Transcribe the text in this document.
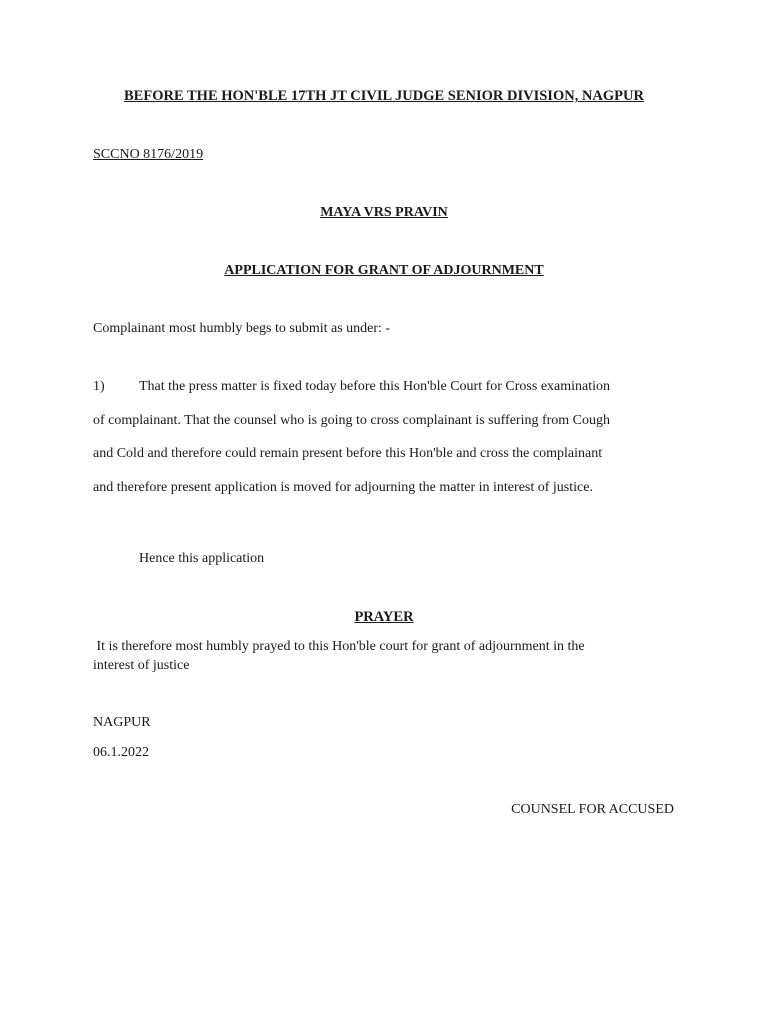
BEFORE THE HON'BLE 17TH JT CIVIL JUDGE SENIOR DIVISION, NAGPUR
SCCNO 8176/2019
MAYA VRS PRAVIN
APPLICATION FOR GRANT OF ADJOURNMENT
Complainant most humbly begs to submit as under: -
1) That the press matter is fixed today before this Hon'ble Court for Cross examination
of complainant. That the counsel who is going to cross complainant is suffering from Cough
and Cold and therefore could remain present before this Hon'ble and cross the complainant
and therefore present application is moved for adjourning the matter in interest of justice.
Hence this application
PRAYER
It is therefore most humbly prayed to this Hon'ble court for grant of adjournment in the
interest of justice
NAGPUR
06.1.2022
COUNSEL FOR ACCUSED
